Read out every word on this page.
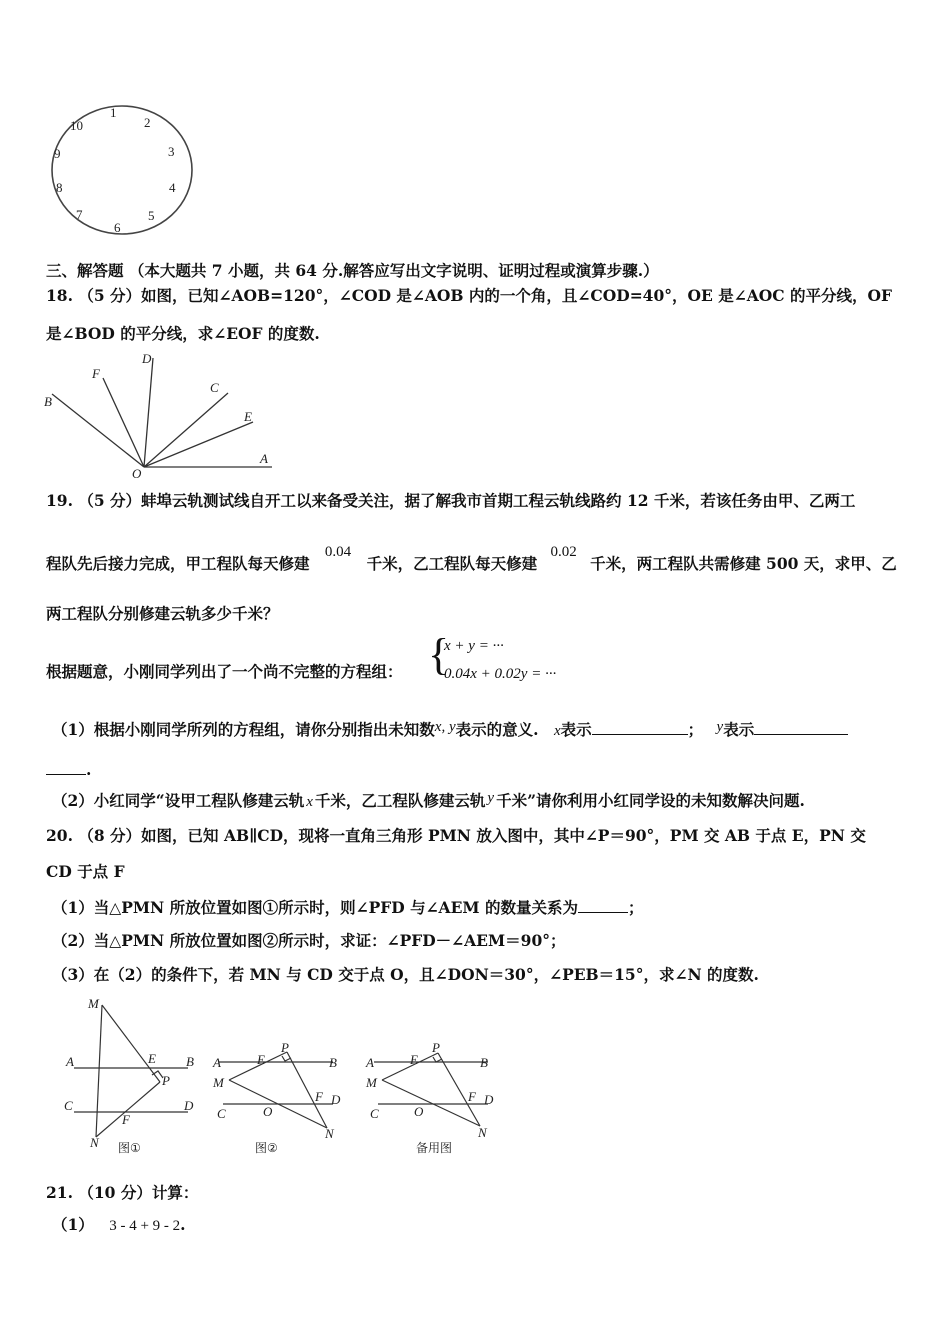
1
2
3
4
5
6
7
8
9
10
三、解答题 （本大题共 7 小题，共 64 分.解答应写出文字说明、证明过程或演算步骤.）
18. （5 分）如图，已知∠AOB=120°，∠COD 是∠AOB 内的一个角，且∠COD=40°，OE 是∠AOC 的平分线，OF
是∠BOD 的平分线，求∠EOF 的度数.
B
F
D
C
E
A
O
19. （5 分）蚌埠云轨测试线自开工以来备受关注，据了解我市首期工程云轨线路约 12 千米，若该任务由甲、乙两工
程队先后接力完成，甲工程队每天修建 0.04 千米，乙工程队每天修建 0.02 千米，两工程队共需修建 500 天，求甲、乙
两工程队分别修建云轨多少千米？
根据题意，小刚同学列出了一个尚不完整的方程组： {
x + y = ···
0.04x + 0.02y = ···
（1）根据小刚同学所列的方程组，请你分别指出未知数x, y表示的意义. x表示	； y表示
.
（2）小红同学“设甲工程队修建云轨 x 千米，乙工程队修建云轨 y 千米”请你利用小红同学设的未知数解决问题.
20. （8 分）如图，已知 AB∥CD，现将一直角三角形 PMN 放入图中，其中∠P＝90°，PM 交 AB 于点 E，PN 交
CD 于点 F
（1）当△PMN 所放位置如图①所示时，则∠PFD 与∠AEM 的数量关系为	；
（2）当△PMN 所放位置如图②所示时，求证：∠PFD－∠AEM＝90°；
（3）在（2）的条件下，若 MN 与 CD 交于点 O，且∠DON＝30°，∠PEB＝15°，求∠N 的度数.
M
A	E B
P
C	D
F
N 图①
A	E
P
B
M
F D
C	O
N
图②
A	E
P
B
M
F D
C	O
N
备用图
21. （10 分）计算：
（1） 3 - 4 + 9 - 2.
